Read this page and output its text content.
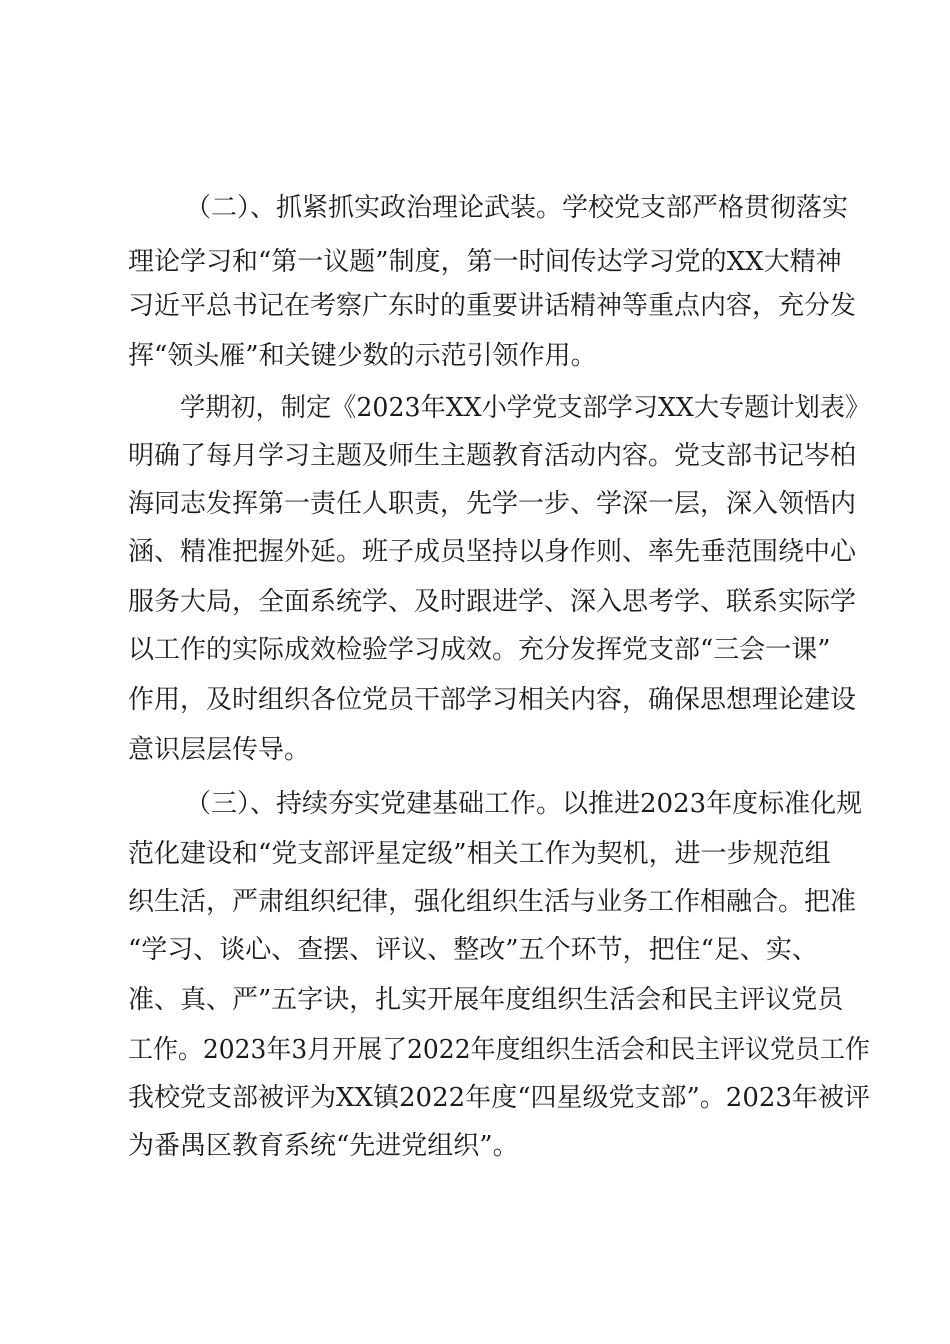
（二）、抓紧抓实政治理论武装。学校党支部严格贯彻落实
理论学习和“第一议题”制度，第一时间传达学习党的XX大精神
习近平总书记在考察广东时的重要讲话精神等重点内容，充分发
挥“领头雁”和关键少数的示范引领作用。
学期初，制定《2023年XX小学党支部学习XX大专题计划表》
明确了每月学习主题及师生主题教育活动内容。党支部书记岑柏
海同志发挥第一责任人职责，先学一步、学深一层，深入领悟内
涵、精准把握外延。班子成员坚持以身作则、率先垂范围绕中心
服务大局，全面系统学、及时跟进学、深入思考学、联系实际学
以工作的实际成效检验学习成效。充分发挥党支部“三会一课”
作用，及时组织各位党员干部学习相关内容，确保思想理论建设
意识层层传导。
（三）、持续夯实党建基础工作。以推进2023年度标准化规
范化建设和“党支部评星定级”相关工作为契机，进一步规范组
织生活，严肃组织纪律，强化组织生活与业务工作相融合。把准
“学习、谈心、查摆、评议、整改”五个环节，把住“足、实、
准、真、严”五字诀，扎实开展年度组织生活会和民主评议党员
工作。2023年3月开展了2022年度组织生活会和民主评议党员工作
我校党支部被评为XX镇2022年度“四星级党支部”。2023年被评
为番禺区教育系统“先进党组织”。
